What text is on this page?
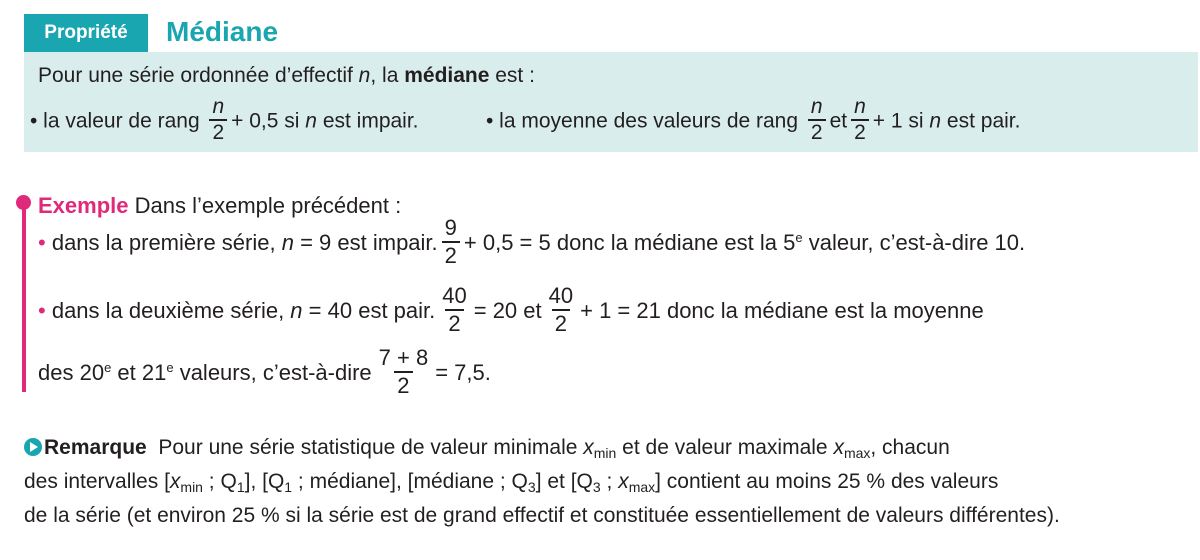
Propriété	Médiane
Pour une série ordonnée d’effectif n, la médiane est :
• la valeur de rang $\frac{n}{2} + 0,5$ si n est impair.	• la moyenne des valeurs de rang $\frac{n}{2}$ et $\frac{n}{2} + 1$ si n est pair.
Exemple Dans l’exemple précédent :
• dans la première série, n = 9 est impair. $\frac{9}{2} + 0,5 = 5$ donc la médiane est la 5e valeur, c’est-à-dire 10.
• dans la deuxième série, n = 40 est pair. $\frac{40}{2} = 20$ et $\frac{40}{2} + 1 = 21$ donc la médiane est la moyenne
des 20e et 21e valeurs, c’est-à-dire $\frac{7 + 8}{2} = 7,5$.
Remarque Pour une série statistique de valeur minimale $x_{min}$ et de valeur maximale $x_{max}$, chacun
des intervalles [$x_{min}$ ; $Q_1$], [$Q_1$ ; médiane], [médiane ; $Q_3$] et [$Q_3$ ; $x_{max}$] contient au moins 25 % des valeurs
de la série (et environ 25 % si la série est de grand effectif et constituée essentiellement de valeurs différentes).
